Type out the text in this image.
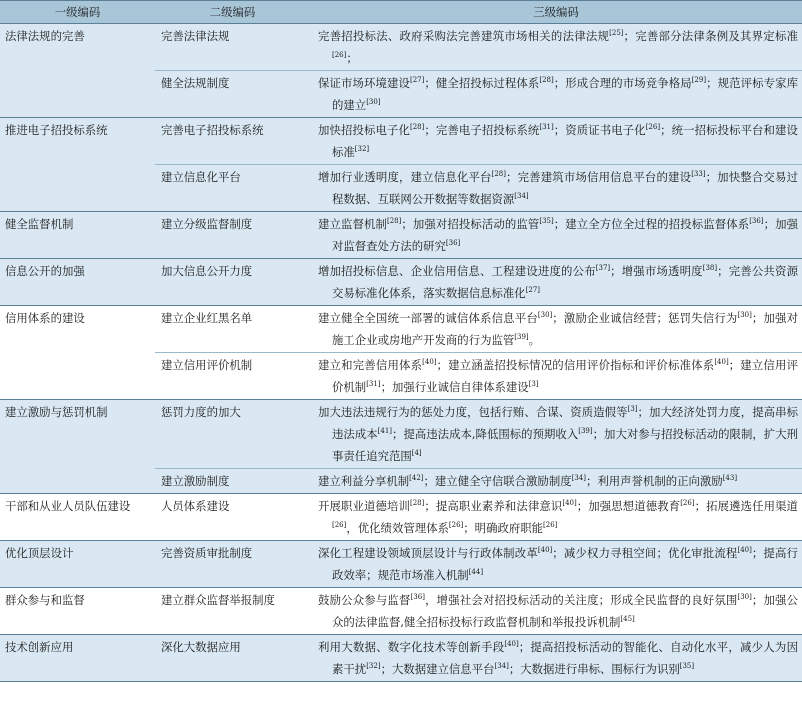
一级编码	二级编码	三级编码
法律法规的完善	完善法律法规	完善招投标法、政府采购法完善建筑市场相关的法律法规[25]；完善部分法律条例及其界定标准[26]；

	健全法规制度	保证市场环境建设[27]；健全招投标过程体系[28]；形成合理的市场竞争格局[29]；规范评标专家库的建立[30]

推进电子招投标系统	完善电子招投标系统	加快招投标电子化[28]；完善电子招投标系统[31]；资质证书电子化[26]；统一招标投标平台和建设标准[32]

	建立信息化平台	增加行业透明度，建立信息化平台[28]；完善建筑市场信用信息平台的建设[33]；加快整合交易过程数据、互联网公开数据等数据资源[34]

健全监督机制	建立分级监督制度	建立监督机制[28]；加强对招投标活动的监管[35]；建立全方位全过程的招投标监督体系[36]；加强对监督查处方法的研究[36]

信息公开的加强	加大信息公开力度	增加招投标信息、企业信用信息、工程建设进度的公布[37]；增强市场透明度[38]；完善公共资源交易标准化体系，落实数据信息标准化[27]

信用体系的建设	建立企业红黑名单	建立健全全国统一部署的诚信体系信息平台[30]；激励企业诚信经营；惩罚失信行为[30]；加强对施工企业或房地产开发商的行为监管[39]。

	建立信用评价机制	建立和完善信用体系[40]；建立涵盖招投标情况的信用评价指标和评价标准体系[40]；建立信用评价机制[31]；加强行业诚信自律体系建设[3]

建立激励与惩罚机制	惩罚力度的加大	加大违法违规行为的惩处力度，包括行贿、合谋、资质造假等[3]；加大经济处罚力度，提高串标违法成本[41]；提高违法成本,降低围标的预期收入[39]；加大对参与招投标活动的限制，扩大刑事责任追究范围[4]

	建立激励制度	建立利益分享机制[42]；建立健全守信联合激励制度[34]；利用声誉机制的正向激励[43]

干部和从业人员队伍建设	人员体系建设	开展职业道德培训[28]；提高职业素养和法律意识[40]；加强思想道德教育[26]；拓展遴选任用渠道[26]，优化绩效管理体系[26]；明确政府职能[26]

优化顶层设计	完善资质审批制度	深化工程建设领域顶层设计与行政体制改革[40]；减少权力寻租空间；优化审批流程[40]；提高行政效率；规范市场准入机制[44]

群众参与和监督	建立群众监督举报制度	鼓励公众参与监督[36]，增强社会对招投标活动的关注度；形成全民监督的良好氛围[30]；加强公众的法律监督,健全招标投标行政监督机制和举报投诉机制[45]

技术创新应用	深化大数据应用	利用大数据、数字化技术等创新手段[40]；提高招投标活动的智能化、自动化水平，减少人为因素干扰[32]；大数据建立信息平台[34]；大数据进行串标、围标行为识别[35]
